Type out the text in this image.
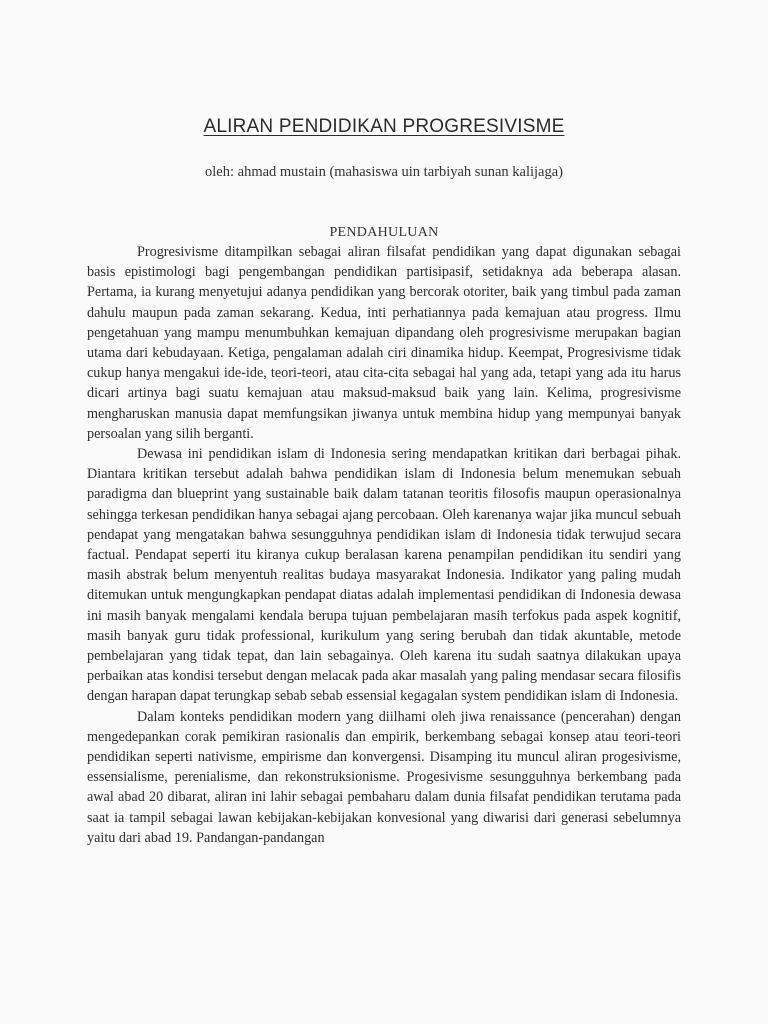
ALIRAN PENDIDIKAN PROGRESIVISME
oleh: ahmad mustain (mahasiswa uin tarbiyah sunan kalijaga)
PENDAHULUAN

Progresivisme ditampilkan sebagai aliran filsafat pendidikan yang dapat digunakan sebagai basis epistimologi bagi pengembangan pendidikan partisipasif, setidaknya ada beberapa alasan. Pertama, ia kurang menyetujui adanya pendidikan yang bercorak otoriter, baik yang timbul pada zaman dahulu maupun pada zaman sekarang. Kedua, inti perhatiannya pada kemajuan atau progress. Ilmu pengetahuan yang mampu menumbuhkan kemajuan dipandang oleh progresivisme merupakan bagian utama dari kebudayaan. Ketiga, pengalaman adalah ciri dinamika hidup. Keempat, Progresivisme tidak cukup hanya mengakui ide-ide, teori-teori, atau cita-cita sebagai hal yang ada, tetapi yang ada itu harus dicari artinya bagi suatu kemajuan atau maksud-maksud baik yang lain. Kelima, progresivisme mengharuskan manusia dapat memfungsikan jiwanya untuk membina hidup yang mempunyai banyak persoalan yang silih berganti.

Dewasa ini pendidikan islam di Indonesia sering mendapatkan kritikan dari berbagai pihak. Diantara kritikan tersebut adalah bahwa pendidikan islam di Indonesia belum menemukan sebuah paradigma dan blueprint yang sustainable baik dalam tatanan teoritis filosofis maupun operasionalnya sehingga terkesan pendidikan hanya sebagai ajang percobaan. Oleh karenanya wajar jika muncul sebuah pendapat yang mengatakan bahwa sesungguhnya pendidikan islam di Indonesia tidak terwujud secara factual. Pendapat seperti itu kiranya cukup beralasan karena penampilan pendidikan itu sendiri yang masih abstrak belum menyentuh realitas budaya masyarakat Indonesia. Indikator yang paling mudah ditemukan untuk mengungkapkan pendapat diatas adalah implementasi pendidikan di Indonesia dewasa ini masih banyak mengalami kendala berupa tujuan pembelajaran masih terfokus pada aspek kognitif, masih banyak guru tidak professional, kurikulum yang sering berubah dan tidak akuntable, metode pembelajaran yang tidak tepat, dan lain sebagainya. Oleh karena itu sudah saatnya dilakukan upaya perbaikan atas kondisi tersebut dengan melacak pada akar masalah yang paling mendasar secara filosifis dengan harapan dapat terungkap sebab sebab essensial kegagalan system pendidikan islam di Indonesia.

Dalam konteks pendidikan modern yang diilhami oleh jiwa renaissance (pencerahan) dengan mengedepankan corak pemikiran rasionalis dan empirik, berkembang sebagai konsep atau teori-teori pendidikan seperti nativisme, empirisme dan konvergensi. Disamping itu muncul aliran progesivisme, essensialisme, perenialisme, dan rekonstruksionisme. Progesivisme sesungguhnya berkembang pada awal abad 20 dibarat, aliran ini lahir sebagai pembaharu dalam dunia filsafat pendidikan terutama pada saat ia tampil sebagai lawan kebijakan-kebijakan konvesional yang diwarisi dari generasi sebelumnya yaitu dari abad 19. Pandangan-pandangan
